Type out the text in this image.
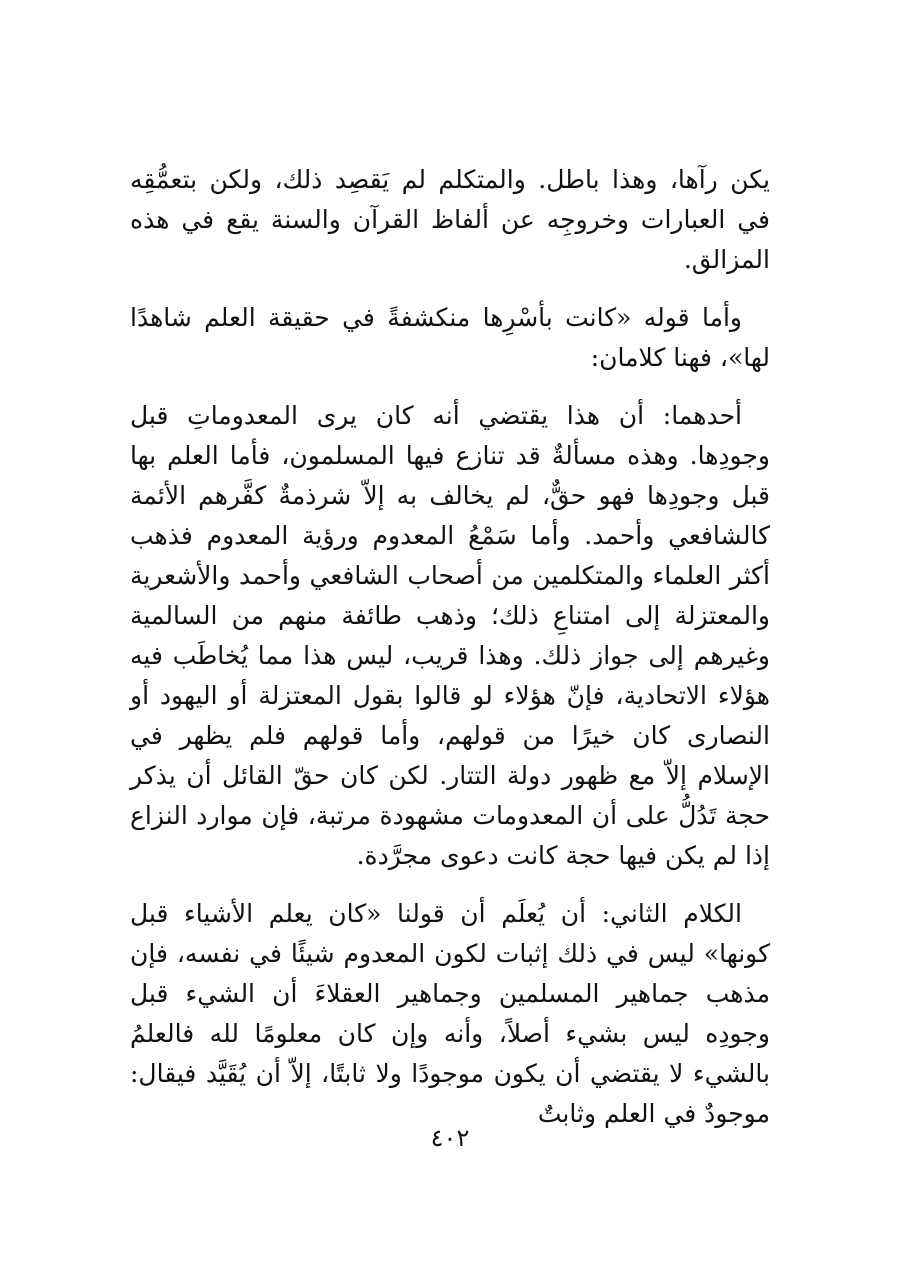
يكن رآها، وهذا باطل. والمتكلم لم يَقصِد ذلك، ولكن بتعمُّقِه في العبارات وخروجِه عن ألفاظ القرآن والسنة يقع في هذه المزالق.

وأما قوله «كانت بأسْرِها منكشفةً في حقيقة العلم شاهدًا لها»، فهنا كلامان:

أحدهما: أن هذا يقتضي أنه كان يرى المعدوماتِ قبل وجودِها. وهذه مسألةٌ قد تنازع فيها المسلمون، فأما العلم بها قبل وجودِها فهو حقٌّ، لم يخالف به إلاّ شرذمةٌ كفَّرهم الأئمة كالشافعي وأحمد. وأما سَمْعُ المعدوم ورؤية المعدوم فذهب أكثر العلماء والمتكلمين من أصحاب الشافعي وأحمد والأشعرية والمعتزلة إلى امتناعِ ذلك؛ وذهب طائفة منهم من السالمية وغيرهم إلى جواز ذلك. وهذا قريب، ليس هذا مما يُخاطَب فيه هؤلاء الاتحادية، فإنّ هؤلاء لو قالوا بقول المعتزلة أو اليهود أو النصارى كان خيرًا من قولهم، وأما قولهم فلم يظهر في الإسلام إلاّ مع ظهور دولة التتار. لكن كان حقّ القائل أن يذكر حجة تَدُلُّ على أن المعدومات مشهودة مرتبة، فإن موارد النزاع إذا لم يكن فيها حجة كانت دعوى مجرَّدة.

الكلام الثاني: أن يُعلَم أن قولنا «كان يعلم الأشياء قبل كونها» ليس في ذلك إثبات لكون المعدوم شيئًا في نفسه، فإن مذهب جماهير المسلمين وجماهير العقلاءَ أن الشيء قبل وجودِه ليس بشيء أصلاً، وأنه وإن كان معلومًا لله فالعلمُ بالشيء لا يقتضي أن يكون موجودًا ولا ثابتًا، إلاّ أن يُقَيَّد فيقال: موجودٌ في العلم وثابتٌ

٤٠٢
